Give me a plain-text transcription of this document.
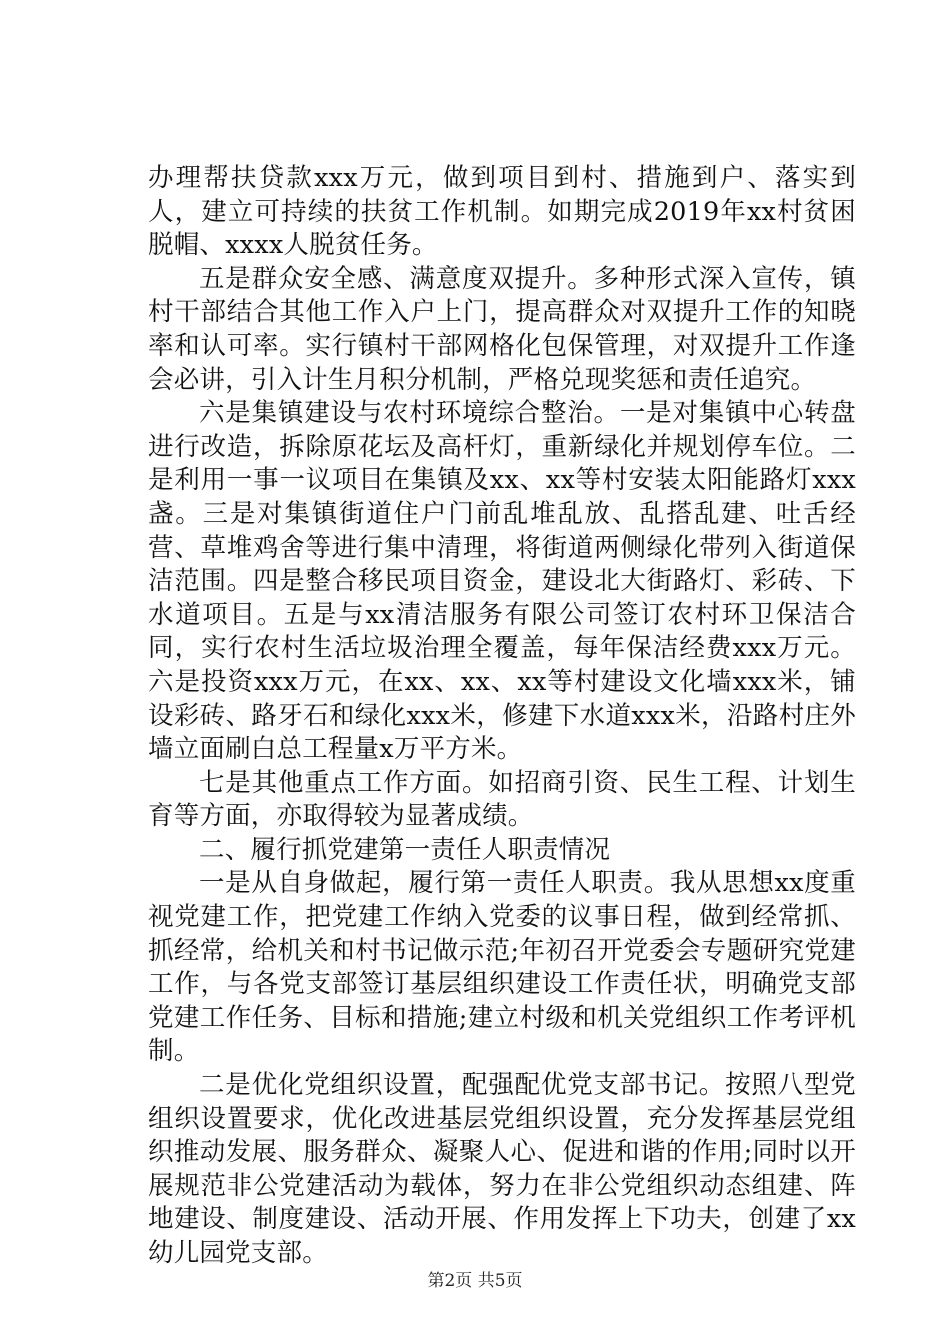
办理帮扶贷款xxx万元，做到项目到村、措施到户、落实到人，建立可持续的扶贫工作机制。如期完成2019年xx村贫困脱帽、xxxx人脱贫任务。

五是群众安全感、满意度双提升。多种形式深入宣传，镇村干部结合其他工作入户上门，提高群众对双提升工作的知晓率和认可率。实行镇村干部网格化包保管理，对双提升工作逢会必讲，引入计生月积分机制，严格兑现奖惩和责任追究。

六是集镇建设与农村环境综合整治。一是对集镇中心转盘进行改造，拆除原花坛及高杆灯，重新绿化并规划停车位。二是利用一事一议项目在集镇及xx、xx等村安装太阳能路灯xxx盏。三是对集镇街道住户门前乱堆乱放、乱搭乱建、吐舌经营、草堆鸡舍等进行集中清理，将街道两侧绿化带列入街道保洁范围。四是整合移民项目资金，建设北大街路灯、彩砖、下水道项目。五是与xx清洁服务有限公司签订农村环卫保洁合同，实行农村生活垃圾治理全覆盖，每年保洁经费xxx万元。六是投资xxx万元，在xx、xx、xx等村建设文化墙xxx米，铺设彩砖、路牙石和绿化xxx米，修建下水道xxx米，沿路村庄外墙立面刷白总工程量x万平方米。

七是其他重点工作方面。如招商引资、民生工程、计划生育等方面，亦取得较为显著成绩。

二、履行抓党建第一责任人职责情况

一是从自身做起，履行第一责任人职责。我从思想xx度重视党建工作，把党建工作纳入党委的议事日程，做到经常抓、抓经常，给机关和村书记做示范;年初召开党委会专题研究党建工作，与各党支部签订基层组织建设工作责任状，明确党支部党建工作任务、目标和措施;建立村级和机关党组织工作考评机制。

二是优化党组织设置，配强配优党支部书记。按照八型党组织设置要求，优化改进基层党组织设置，充分发挥基层党组织推动发展、服务群众、凝聚人心、促进和谐的作用;同时以开展规范非公党建活动为载体，努力在非公党组织动态组建、阵地建设、制度建设、活动开展、作用发挥上下功夫，创建了xx幼儿园党支部。

第2页 共5页
